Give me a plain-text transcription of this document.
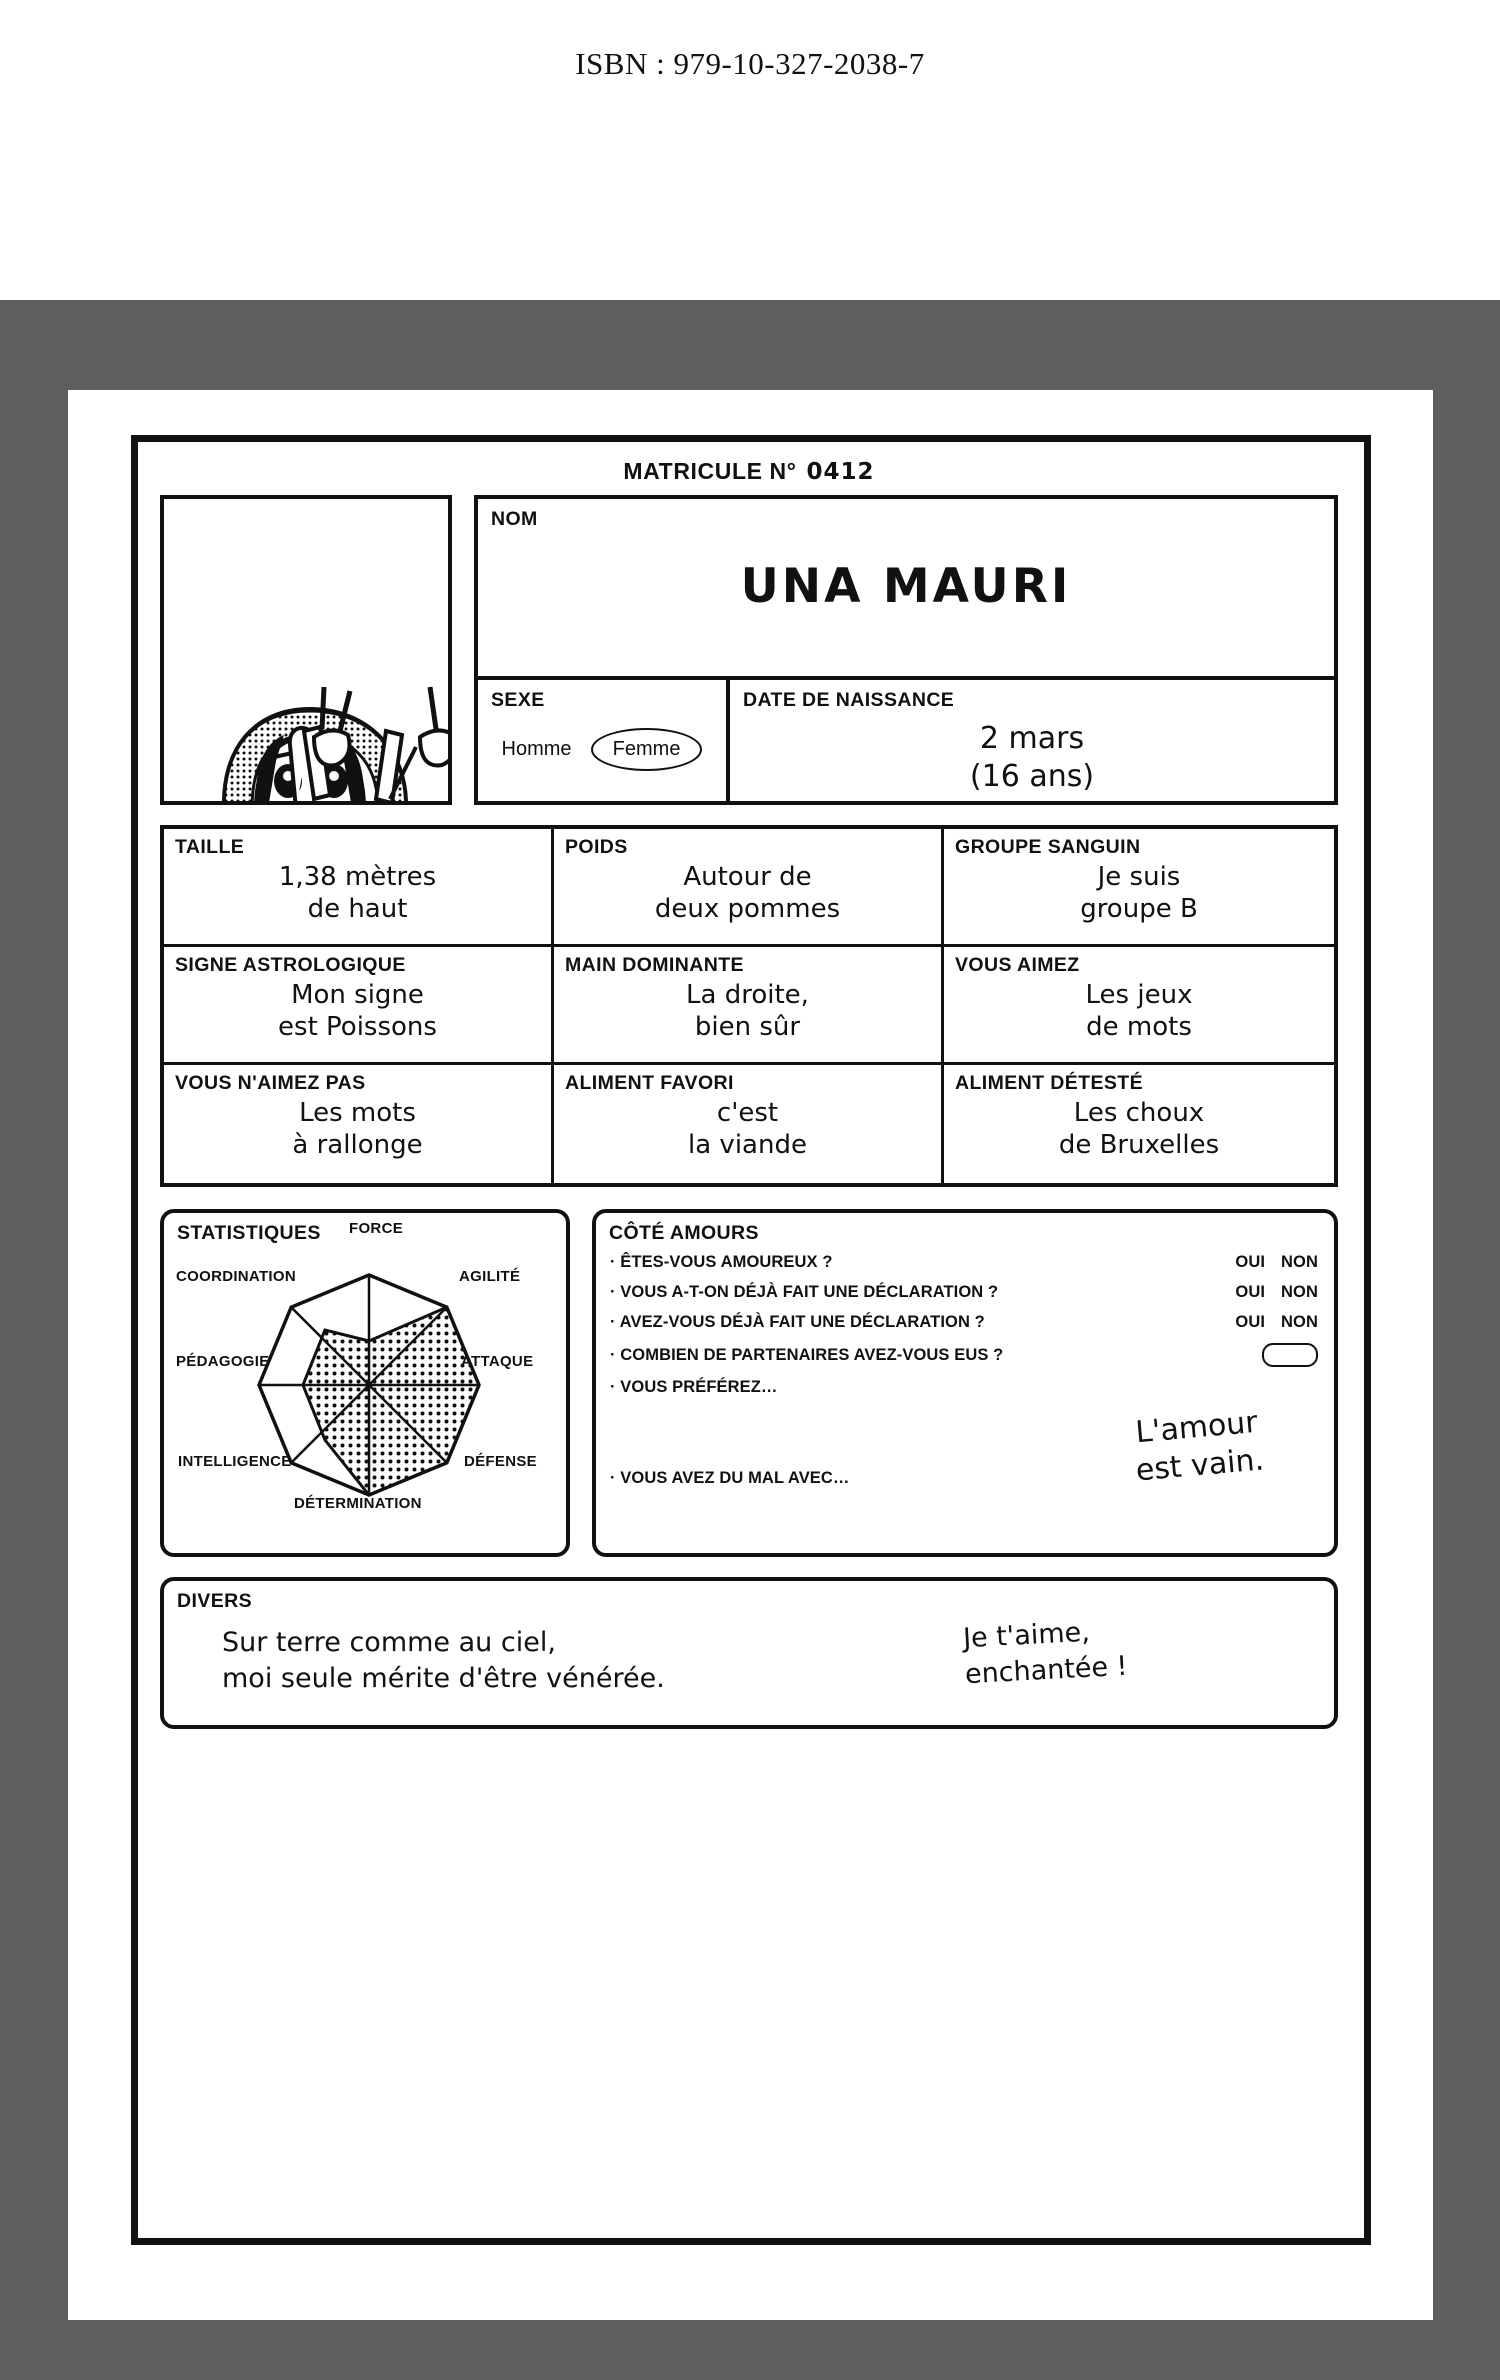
ISBN : 979-10-327-2038-7
MATRICULE N° 0412
NOM
UNA MAURI
SEXE
Homme	Femme
DATE DE NAISSANCE
2 mars
(16 ans)
TAILLE
1,38 mètres
de haut
POIDS
Autour de
deux pommes
GROUPE SANGUIN
Je suis
groupe B
SIGNE ASTROLOGIQUE
Mon signe
est Poissons
MAIN DOMINANTE
La droite,
bien sûr
VOUS AIMEZ
Les jeux
de mots
VOUS N'AIMEZ PAS
Les mots
à rallonge
ALIMENT FAVORI
c'est
la viande
ALIMENT DÉTESTÉ
Les choux
de Bruxelles
STATISTIQUES	FORCE
AGILITÉ
ATTAQUE
DÉFENSE
DÉTERMINATION
INTELLIGENCE
PÉDAGOGIE
COORDINATION
CÔTÉ AMOURS
· ÊTES-VOUS AMOUREUX ?	OUI NON
· VOUS A-T-ON DÉJÀ FAIT UNE DÉCLARATION ?	OUI NON
· AVEZ-VOUS DÉJÀ FAIT UNE DÉCLARATION ?	OUI NON
· COMBIEN DE PARTENAIRES AVEZ-VOUS EUS ?
· VOUS PRÉFÉREZ…
· VOUS AVEZ DU MAL AVEC…
L'amour
est vain.
DIVERS
Sur terre comme au ciel,
moi seule mérite d'être vénérée.
Je t'aime,
enchantée !
